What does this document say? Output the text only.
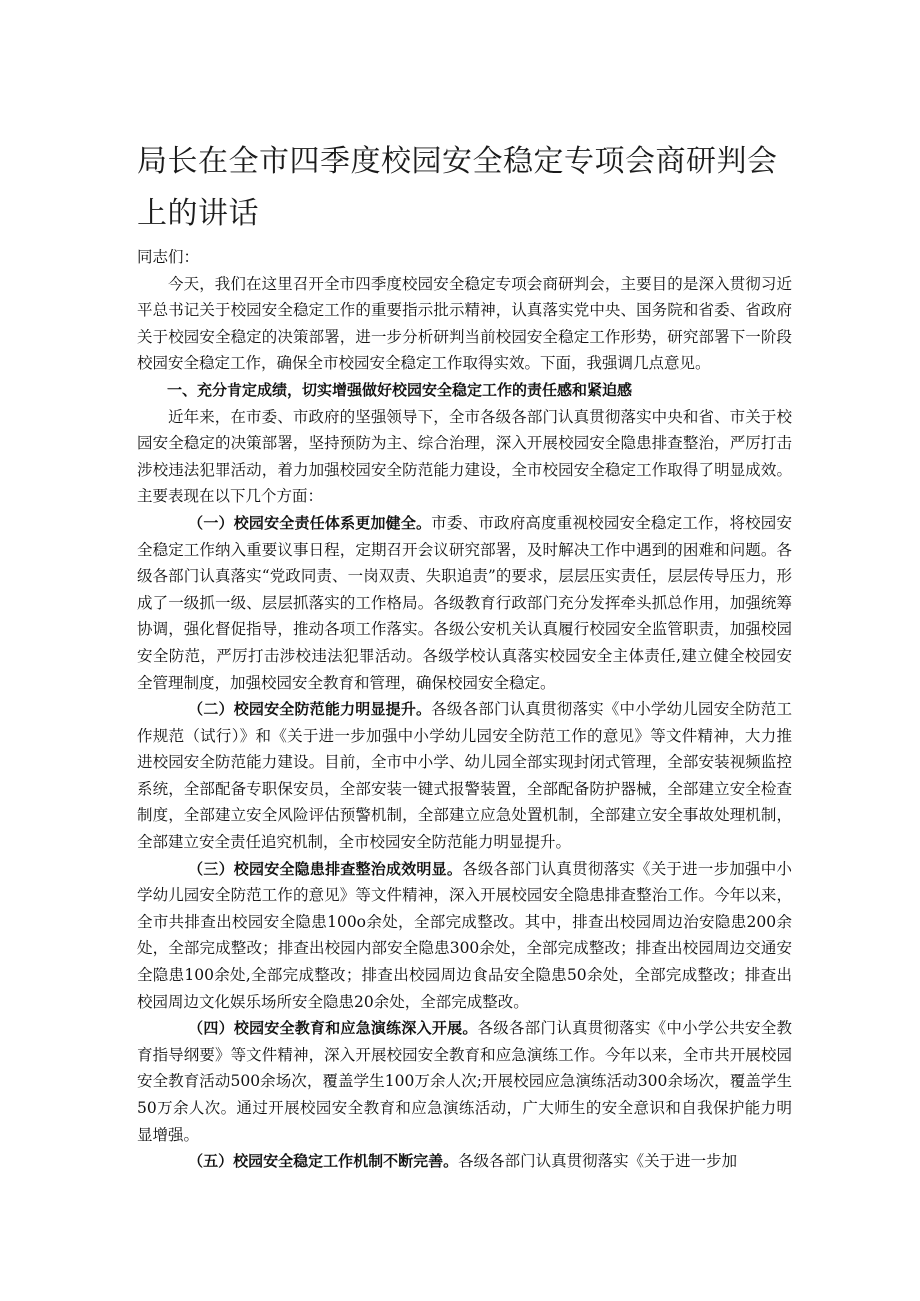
局长在全市四季度校园安全稳定专项会商研判会上的讲话

同志们：

今天，我们在这里召开全市四季度校园安全稳定专项会商研判会，主要目的是深入贯彻习近平总书记关于校园安全稳定工作的重要指示批示精神，认真落实党中央、国务院和省委、省政府关于校园安全稳定的决策部署，进一步分析研判当前校园安全稳定工作形势，研究部署下一阶段校园安全稳定工作，确保全市校园安全稳定工作取得实效。下面，我强调几点意见。

一、充分肯定成绩，切实增强做好校园安全稳定工作的责任感和紧迫感

近年来，在市委、市政府的坚强领导下，全市各级各部门认真贯彻落实中央和省、市关于校园安全稳定的决策部署，坚持预防为主、综合治理，深入开展校园安全隐患排查整治，严厉打击涉校违法犯罪活动，着力加强校园安全防范能力建设，全市校园安全稳定工作取得了明显成效。主要表现在以下几个方面：

（一）校园安全责任体系更加健全。市委、市政府高度重视校园安全稳定工作，将校园安全稳定工作纳入重要议事日程，定期召开会议研究部署，及时解决工作中遇到的困难和问题。各级各部门认真落实“党政同责、一岗双责、失职追责”的要求，层层压实责任，层层传导压力，形成了一级抓一级、层层抓落实的工作格局。各级教育行政部门充分发挥牵头抓总作用，加强统筹协调，强化督促指导，推动各项工作落实。各级公安机关认真履行校园安全监管职责，加强校园安全防范，严厉打击涉校违法犯罪活动。各级学校认真落实校园安全主体责任,建立健全校园安全管理制度，加强校园安全教育和管理，确保校园安全稳定。

（二）校园安全防范能力明显提升。各级各部门认真贯彻落实《中小学幼儿园安全防范工作规范（试行）》和《关于进一步加强中小学幼儿园安全防范工作的意见》等文件精神，大力推进校园安全防范能力建设。目前，全市中小学、幼儿园全部实现封闭式管理，全部安装视频监控系统，全部配备专职保安员，全部安装一键式报警装置，全部配备防护器械，全部建立安全检查制度，全部建立安全风险评估预警机制，全部建立应急处置机制，全部建立安全事故处理机制，全部建立安全责任追究机制，全市校园安全防范能力明显提升。

（三）校园安全隐患排查整治成效明显。各级各部门认真贯彻落实《关于进一步加强中小学幼儿园安全防范工作的意见》等文件精神，深入开展校园安全隐患排查整治工作。今年以来，全市共排查出校园安全隐患100o余处，全部完成整改。其中，排查出校园周边治安隐患200余处，全部完成整改；排查出校园内部安全隐患300余处，全部完成整改；排查出校园周边交通安全隐患100余处,全部完成整改；排查出校园周边食品安全隐患50余处，全部完成整改；排查出校园周边文化娱乐场所安全隐患20余处，全部完成整改。

（四）校园安全教育和应急演练深入开展。各级各部门认真贯彻落实《中小学公共安全教育指导纲要》等文件精神，深入开展校园安全教育和应急演练工作。今年以来，全市共开展校园安全教育活动500余场次，覆盖学生100万余人次;开展校园应急演练活动300余场次，覆盖学生50万余人次。通过开展校园安全教育和应急演练活动，广大师生的安全意识和自我保护能力明显增强。

（五）校园安全稳定工作机制不断完善。各级各部门认真贯彻落实《关于进一步加
